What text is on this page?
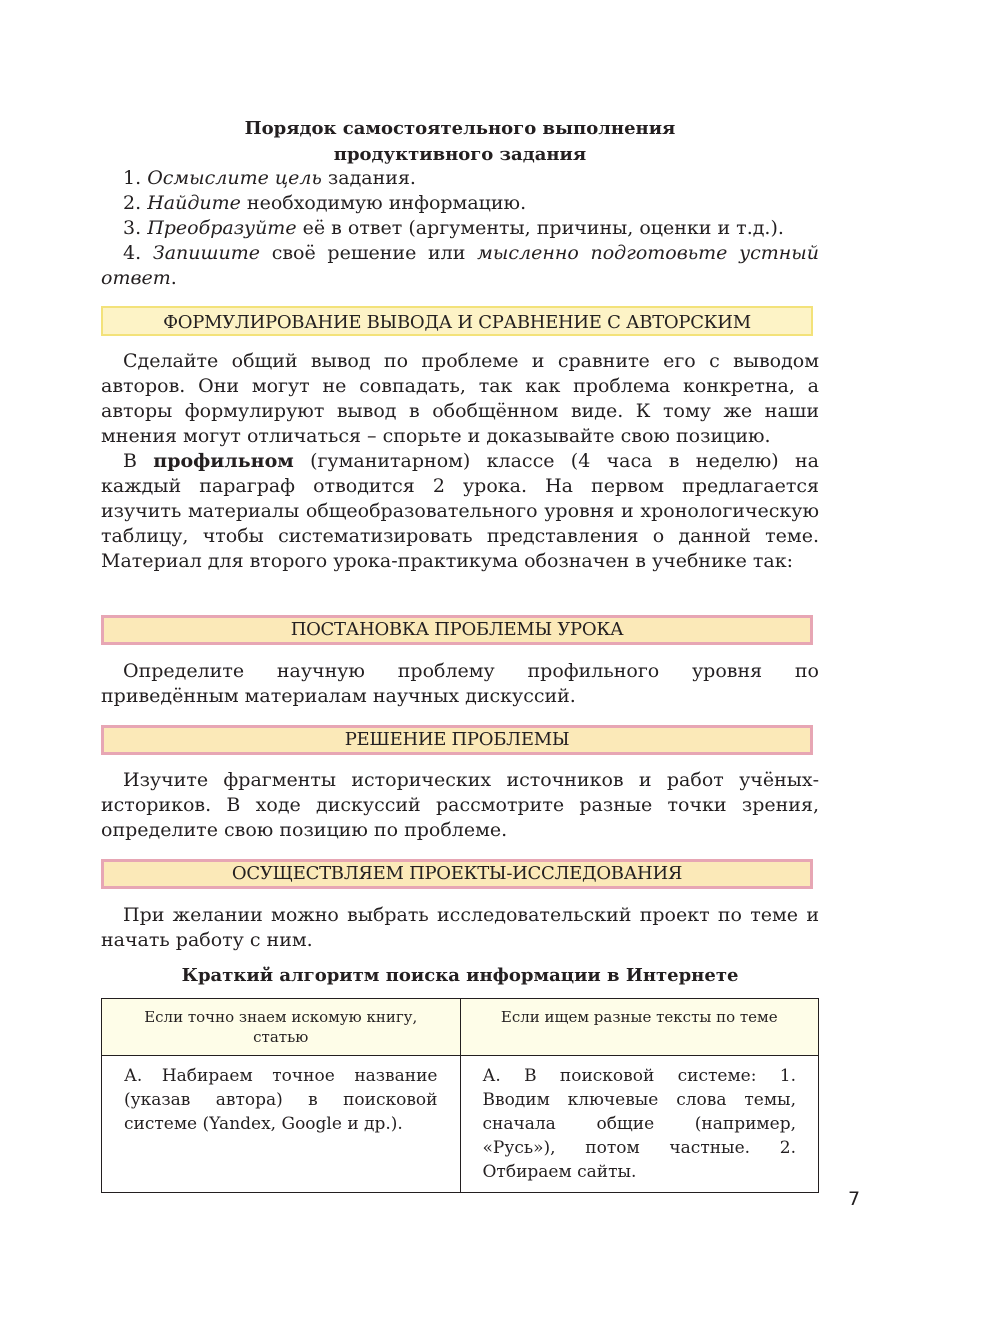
Порядок самостоятельного выполнения
продуктивного задания

1. Осмыслите цель задания.

2. Найдите необходимую информацию.

3. Преобразуйте её в ответ (аргументы, причины, оценки и т.д.).

4. Запишите своё решение или мысленно подготовьте устный ответ.

ФОРМУЛИРОВАНИЕ ВЫВОДА И СРАВНЕНИЕ С АВТОРСКИМ

Сделайте общий вывод по проблеме и сравните его с выводом авторов. Они могут не совпадать, так как проблема конкретна, а авторы формулируют вывод в обобщённом виде. К тому же наши мнения могут отличаться – спорьте и доказывайте свою позицию.

В профильном (гуманитарном) классе (4 часа в неделю) на каждый параграф отводится 2 урока. На первом предлагается изучить материалы общеобразовательного уровня и хронологическую таблицу, чтобы систематизировать представления о данной теме. Материал для второго урока-практикума обозначен в учебнике так:

ПОСТАНОВКА ПРОБЛЕМЫ УРОКА

Определите научную проблему профильного уровня по приведённым материалам научных дискуссий.

РЕШЕНИЕ ПРОБЛЕМЫ

Изучите фрагменты исторических источников и работ учёных-историков. В ходе дискуссий рассмотрите разные точки зрения, определите свою позицию по проблеме.

ОСУЩЕСТВЛЯЕМ ПРОЕКТЫ-ИССЛЕДОВАНИЯ

При желании можно выбрать исследовательский проект по теме и начать работу с ним.

Краткий алгоритм поиска информации в Интернете
Если точно знаем искомую книгу, статью	Если ищем разные тексты по теме
А. Набираем точное название (указав автора) в поисковой системе (Yandex, Google и др.).	А. В поисковой системе: 1. Вводим ключевые слова темы, сначала общие (например, «Русь»), потом частные. 2. Отбираем сайты.
7
